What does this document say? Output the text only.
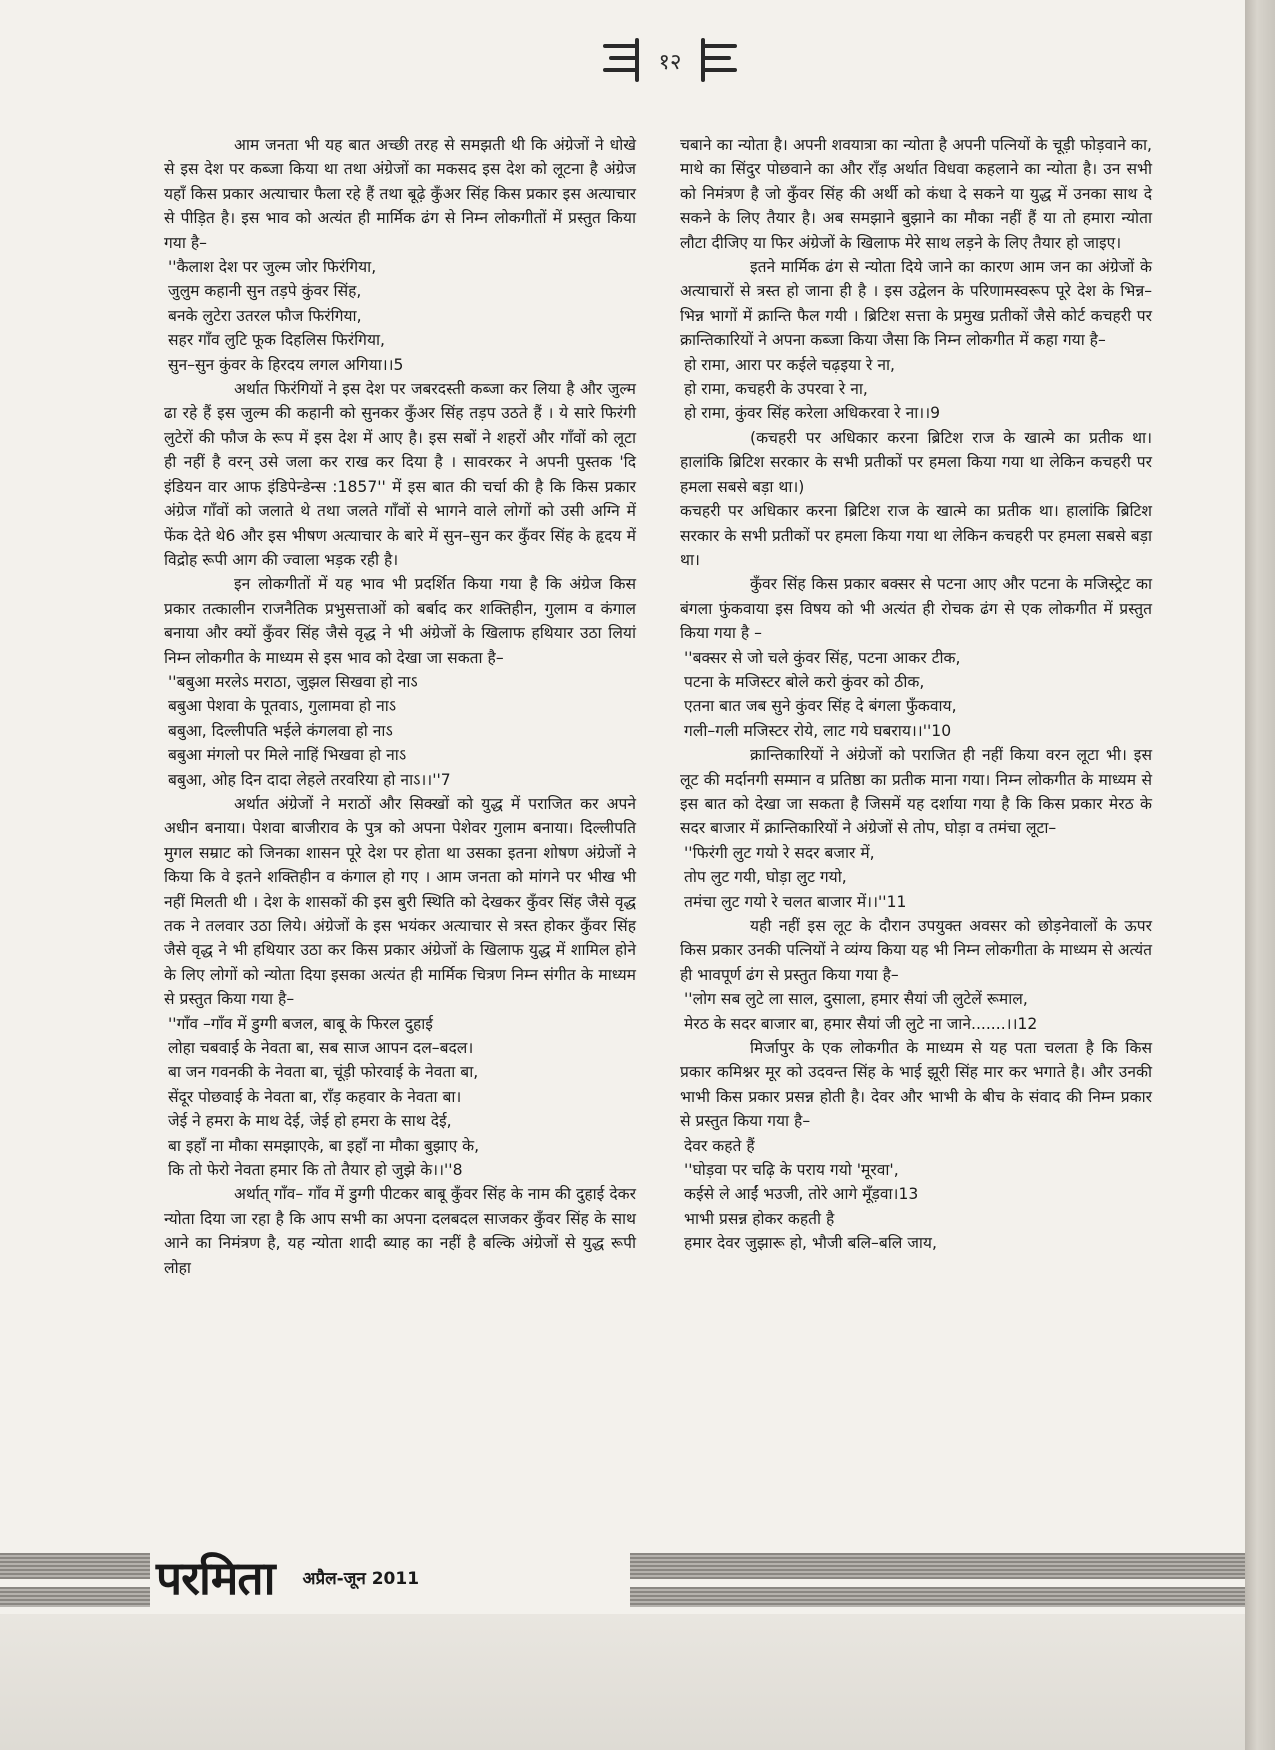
१२

आम जनता भी यह बात अच्छी तरह से समझती थी कि अंग्रेजों ने धोखे से इस देश पर कब्जा किया था तथा अंग्रेजों का मकसद इस देश को लूटना है अंग्रेज यहाँ किस प्रकार अत्याचार फैला रहे हैं तथा बूढ़े कुँअर सिंह किस प्रकार इस अत्याचार से पीड़ित है। इस भाव को अत्यंत ही मार्मिक ढंग से निम्न लोकगीतों में प्रस्तुत किया गया है–

''कैलाश देश पर जुल्म जोर फिरंगिया,
जुलुम कहानी सुन तड़पे कुंवर सिंह,
बनके लुटेरा उतरल फौज फिरंगिया,
सहर गाँव लुटि फूक दिहलिस फिरंगिया,
सुन–सुन कुंवर के हिरदय लगल अगिया।।5

अर्थात फिरंगियों ने इस देश पर जबरदस्ती कब्जा कर लिया है और जुल्म ढा रहे हैं इस जुल्म की कहानी को सुनकर कुँअर सिंह तड़प उठते हैं । ये सारे फिरंगी लुटेरों की फौज के रूप में इस देश में आए है। इस सबों ने शहरों और गाँवों को लूटा ही नहीं है वरन् उसे जला कर राख कर दिया है । सावरकर ने अपनी पुस्तक 'दि इंडियन वार आफ इंडिपेन्डेन्स :1857'' में इस बात की चर्चा की है कि किस प्रकार अंग्रेज गाँवों को जलाते थे तथा जलते गाँवों से भागने वाले लोगों को उसी अग्नि में फेंक देते थे6 और इस भीषण अत्याचार के बारे में सुन–सुन कर कुँवर सिंह के हृदय में विद्रोह रूपी आग की ज्वाला भड़क रही है।

इन लोकगीतों में यह भाव भी प्रदर्शित किया गया है कि अंग्रेज किस प्रकार तत्कालीन राजनैतिक प्रभुसत्ताओं को बर्बाद कर शक्तिहीन, गुलाम व कंगाल बनाया और क्यों कुँवर सिंह जैसे वृद्ध ने भी अंग्रेजों के खिलाफ हथियार उठा लियां निम्न लोकगीत के माध्यम से इस भाव को देखा जा सकता है–

''बबुआ मरलेऽ मराठा, जुझल सिखवा हो नाऽ
बबुआ पेशवा के पूतवाऽ, गुलामवा हो नाऽ
बबुआ, दिल्लीपति भईले कंगलवा हो नाऽ
बबुआ मंगलो पर मिले नाहिं भिखवा हो नाऽ
बबुआ, ओह दिन दादा लेहले तरवरिया हो नाऽ।।''7

अर्थात अंग्रेजों ने मराठों और सिक्खों को युद्ध में पराजित कर अपने अधीन बनाया। पेशवा बाजीराव के पुत्र को अपना पेशेवर गुलाम बनाया। दिल्लीपति मुगल सम्राट को जिनका शासन पूरे देश पर होता था उसका इतना शोषण अंग्रेजों ने किया कि वे इतने शक्तिहीन व कंगाल हो गए । आम जनता को मांगने पर भीख भी नहीं मिलती थी । देश के शासकों की इस बुरी स्थिति को देखकर कुँवर सिंह जैसे वृद्ध तक ने तलवार उठा लिये। अंग्रेजों के इस भयंकर अत्याचार से त्रस्त होकर कुँवर सिंह जैसे वृद्ध ने भी हथियार उठा कर किस प्रकार अंग्रेजों के खिलाफ युद्ध में शामिल होने के लिए लोगों को न्योता दिया इसका अत्यंत ही मार्मिक चित्रण निम्न संगीत के माध्यम से प्रस्तुत किया गया है–

''गाँव –गाँव में डुग्गी बजल, बाबू के फिरल दुहाई
लोहा चबवाई के नेवता बा, सब साज आपन दल–बदल।
बा जन गवनकी के नेवता बा, चूंड़ी फोरवाई के नेवता बा,
सेंदूर पोछवाई के नेवता बा, राँड़ कहवार के नेवता बा।
जेई ने हमरा के माथ देई, जेई हो हमरा के साथ देई,
बा इहाँ ना मौका समझाएके, बा इहाँ ना मौका बुझाए के,
कि तो फेरो नेवता हमार कि तो तैयार हो जुझे के।।''8

अर्थात् गाँव– गाँव में डुग्गी पीटकर बाबू कुँवर सिंह के नाम की दुहाई देकर न्योता दिया जा रहा है कि आप सभी का अपना दलबदल साजकर कुँवर सिंह के साथ आने का निमंत्रण है, यह न्योता शादी ब्याह का नहीं है बल्कि अंग्रेजों से युद्ध रूपी लोहा

चबाने का न्योता है। अपनी शवयात्रा का न्योता है अपनी पत्नियों के चूड़ी फोड़वाने का, माथे का सिंदुर पोछवाने का और राँड़ अर्थात विधवा कहलाने का न्योता है। उन सभी को निमंत्रण है जो कुँवर सिंह की अर्थी को कंधा दे सकने या युद्ध में उनका साथ दे सकने के लिए तैयार है। अब समझाने बुझाने का मौका नहीं हैं या तो हमारा न्योता लौटा दीजिए या फिर अंग्रेजों के खिलाफ मेरे साथ लड़ने के लिए तैयार हो जाइए।

इतने मार्मिक ढंग से न्योता दिये जाने का कारण आम जन का अंग्रेजों के अत्याचारों से त्रस्त हो जाना ही है । इस उद्वेलन के परिणामस्वरूप पूरे देश के भिन्न–भिन्न भागों में क्रान्ति फैल गयी । ब्रिटिश सत्ता के प्रमुख प्रतीकों जैसे कोर्ट कचहरी पर क्रान्तिकारियों ने अपना कब्जा किया जैसा कि निम्न लोकगीत में कहा गया है–

हो रामा, आरा पर कईले चढ़इया रे ना,
हो रामा, कचहरी के उपरवा रे ना,
हो रामा, कुंवर सिंह करेला अधिकरवा रे ना।।9

(कचहरी पर अधिकार करना ब्रिटिश राज के खात्मे का प्रतीक था। हालांकि ब्रिटिश सरकार के सभी प्रतीकों पर हमला किया गया था लेकिन कचहरी पर हमला सबसे बड़ा था।)

कचहरी पर अधिकार करना ब्रिटिश राज के खात्मे का प्रतीक था। हालांकि ब्रिटिश सरकार के सभी प्रतीकों पर हमला किया गया था लेकिन कचहरी पर हमला सबसे बड़ा था।

कुँवर सिंह किस प्रकार बक्सर से पटना आए और पटना के मजिस्ट्रेट का बंगला फुंकवाया इस विषय को भी अत्यंत ही रोचक ढंग से एक लोकगीत में प्रस्तुत किया गया है –

''बक्सर से जो चले कुंवर सिंह, पटना आकर टीक,
पटना के मजिस्टर बोले करो कुंवर को ठीक,
एतना बात जब सुने कुंवर सिंह दे बंगला फुँकवाय,
गली–गली मजिस्टर रोये, लाट गये घबराय।।''10

क्रान्तिकारियों ने अंग्रेजों को पराजित ही नहीं किया वरन लूटा भी। इस लूट की मर्दानगी सम्मान व प्रतिष्ठा का प्रतीक माना गया। निम्न लोकगीत के माध्यम से इस बात को देखा जा सकता है जिसमें यह दर्शाया गया है कि किस प्रकार मेरठ के सदर बाजार में क्रान्तिकारियों ने अंग्रेजों से तोप, घोड़ा व तमंचा लूटा–

''फिरंगी लुट गयो रे सदर बजार में,
तोप लुट गयी, घोड़ा लुट गयो,
तमंचा लुट गयो रे चलत बाजार में।।''11

यही नहीं इस लूट के दौरान उपयुक्त अवसर को छोड़नेवालों के ऊपर किस प्रकार उनकी पत्नियों ने व्यंग्य किया यह भी निम्न लोकगीता के माध्यम से अत्यंत ही भावपूर्ण ढंग से प्रस्तुत किया गया है–

''लोग सब लुटे ला साल, दुसाला, हमार सैयां जी लुटेलें रूमाल,
मेरठ के सदर बाजार बा, हमार सैयां जी लुटे ना जाने.......।।12

मिर्जापुर के एक लोकगीत के माध्यम से यह पता चलता है कि किस प्रकार कमिश्नर मूर को उदवन्त सिंह के भाई झूरी सिंह मार कर भगाते है। और उनकी भाभी किस प्रकार प्रसन्न होती है। देवर और भाभी के बीच के संवाद की निम्न प्रकार से प्रस्तुत किया गया है–

देवर कहते हैं
''घोड़वा पर चढ़ि के पराय गयो 'मूरवा',
कईसे ले आईं भउजी, तोरे आगे मूँड़वा।13
भाभी प्रसन्न होकर कहती है
हमार देवर जुझारू हो, भौजी बलि–बलि जाय,
परमिता अप्रैल-जून 2011
